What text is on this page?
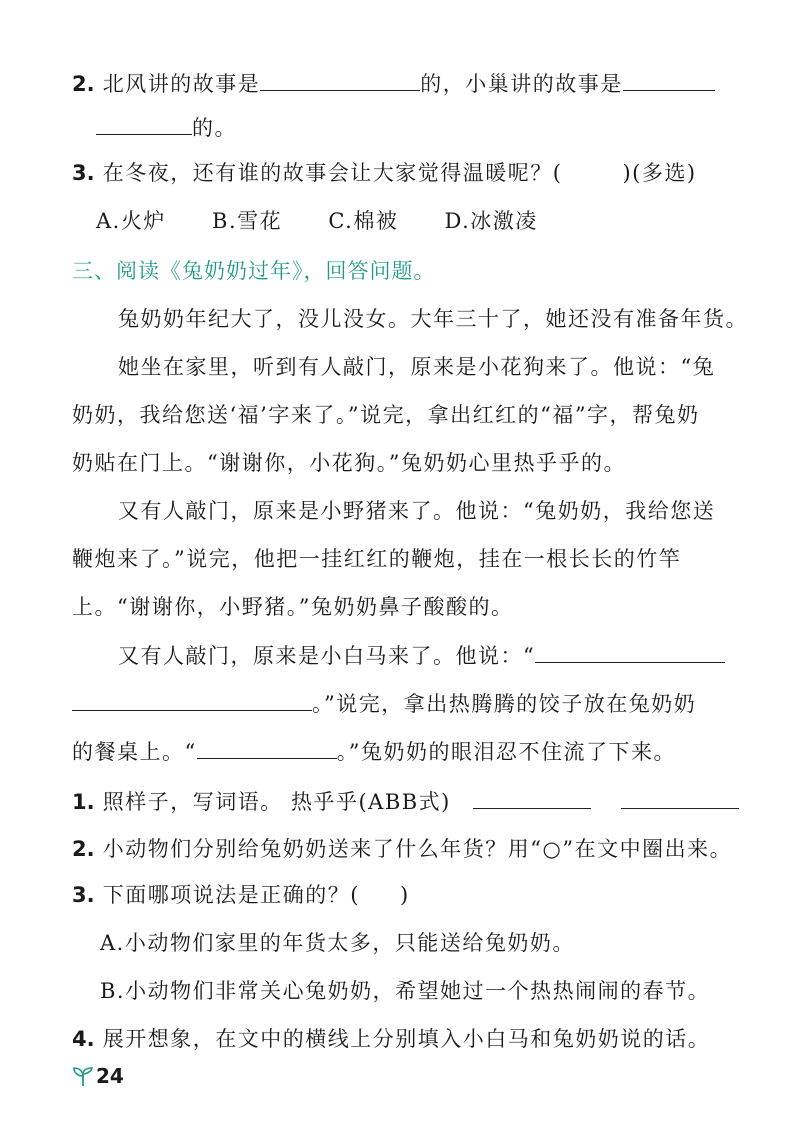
2. 北风讲的故事是	的，小巢讲的故事是
的。
3. 在冬夜，还有谁的故事会让大家觉得温暖呢？(	)(多选)
A.火炉 B.雪花 C.棉被 D.冰激凌
三、阅读《兔奶奶过年》，回答问题。
兔奶奶年纪大了，没儿没女。大年三十了，她还没有准备年货。
她坐在家里，听到有人敲门，原来是小花狗来了。他说：“兔
奶奶，我给您送‘福’字来了。”说完，拿出红红的“福”字，帮兔奶
奶贴在门上。“谢谢你，小花狗。”兔奶奶心里热乎乎的。
又有人敲门，原来是小野猪来了。他说：“兔奶奶，我给您送
鞭炮来了。”说完，他把一挂红红的鞭炮，挂在一根长长的竹竿
上。“谢谢你，小野猪。”兔奶奶鼻子酸酸的。
又有人敲门，原来是小白马来了。他说：“
。”说完，拿出热腾腾的饺子放在兔奶奶
的餐桌上。“	。”兔奶奶的眼泪忍不住流了下来。
1. 照样子，写词语。 热乎乎(ABB式)
2. 小动物们分别给兔奶奶送来了什么年货？用“○”在文中圈出来。
3. 下面哪项说法是正确的？( )
A.小动物们家里的年货太多，只能送给兔奶奶。
B.小动物们非常关心兔奶奶，希望她过一个热热闹闹的春节。
4. 展开想象，在文中的横线上分别填入小白马和兔奶奶说的话。
24
